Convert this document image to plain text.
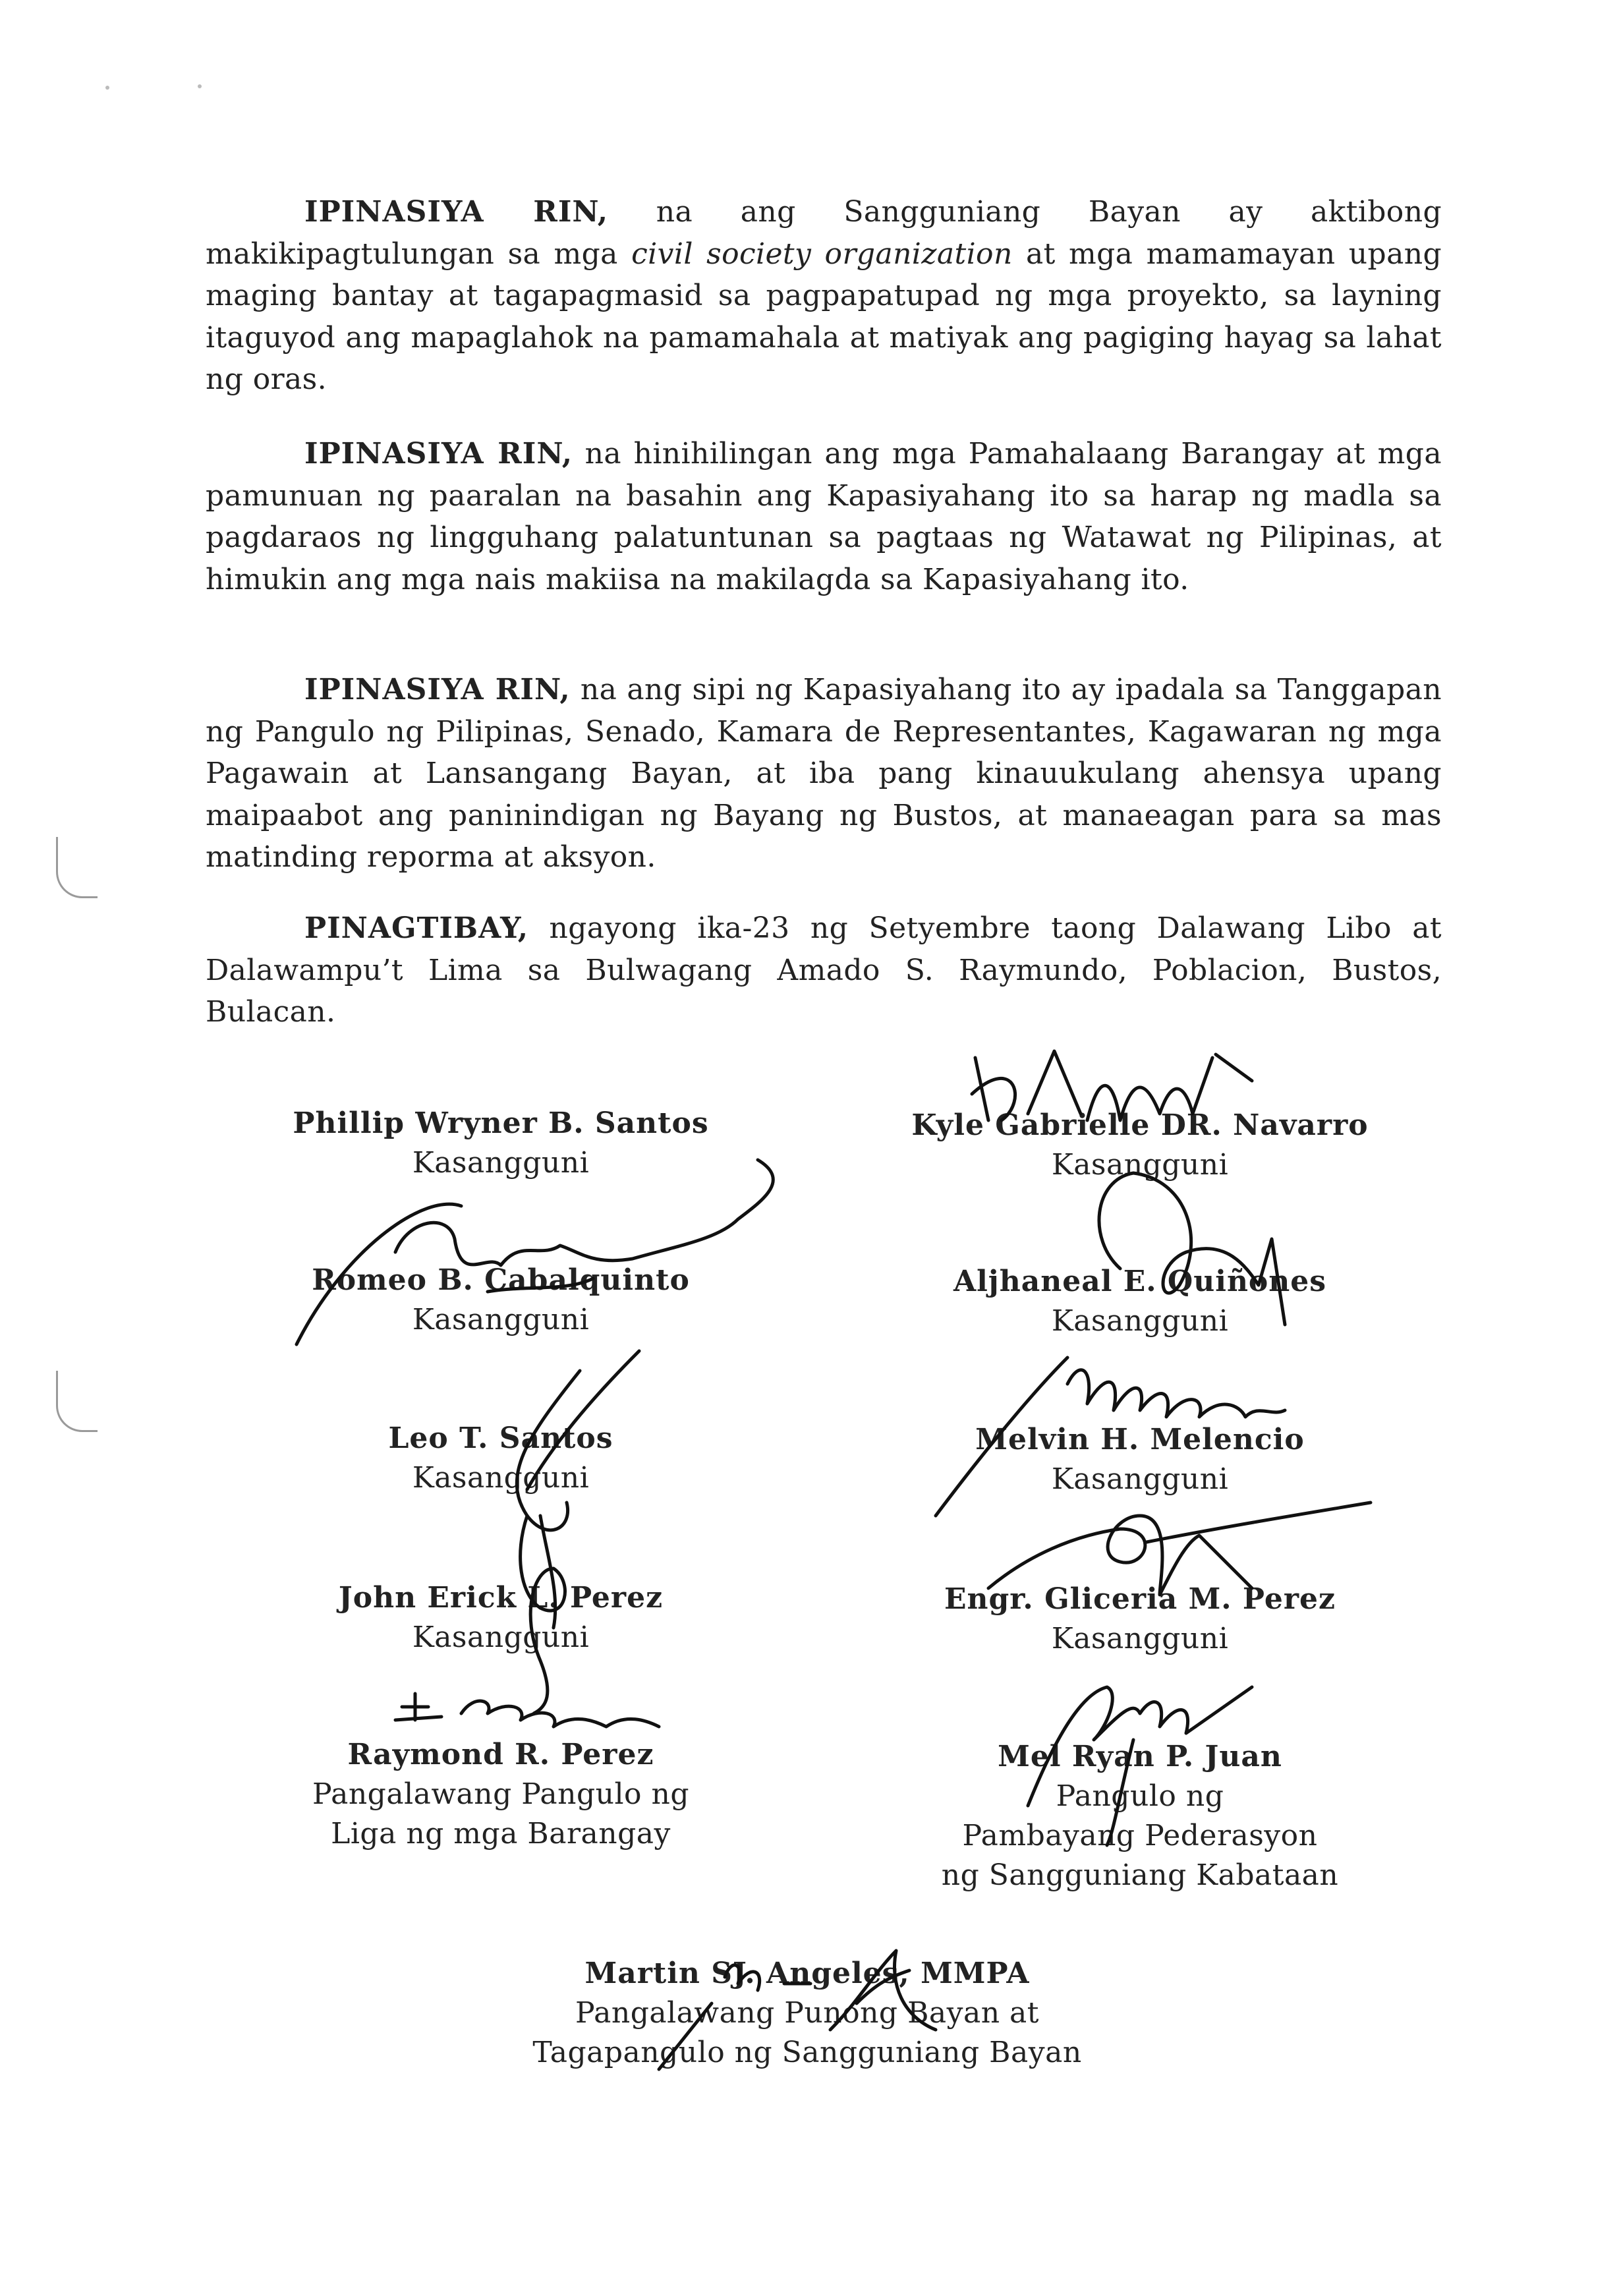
IPINASIYA RIN, na ang Sangguniang Bayan ay aktibong makikipagtulungan sa mga civil society organization at mga mamamayan upang maging bantay at tagapagmasid sa pagpapatupad ng mga proyekto, sa layning itaguyod ang mapaglahok na pamamahala at matiyak ang pagiging hayag sa lahat ng oras.

IPINASIYA RIN, na hinihilingan ang mga Pamahalaang Barangay at mga pamunuan ng paaralan na basahin ang Kapasiyahang ito sa harap ng madla sa pagdaraos ng lingguhang palatuntunan sa pagtaas ng Watawat ng Pilipinas, at himukin ang mga nais makiisa na makilagda sa Kapasiyahang ito.

IPINASIYA RIN, na ang sipi ng Kapasiyahang ito ay ipadala sa Tanggapan ng Pangulo ng Pilipinas, Senado, Kamara de Representantes, Kagawaran ng mga Pagawain at Lansangang Bayan, at iba pang kinauukulang ahensya upang maipaabot ang paninindigan ng Bayang ng Bustos, at manaeagan para sa mas matinding reporma at aksyon.

PINAGTIBAY, ngayong ika-23 ng Setyembre taong Dalawang Libo at Dalawampu’t Lima sa Bulwagang Amado S. Raymundo, Poblacion, Bustos, Bulacan.

Phillip Wryner B. Santos
Kasangguni
Romeo B. Cabalquinto
Kasangguni
Leo T. Santos
Kasangguni
John Erick L. Perez
Kasangguni
Raymond R. Perez
Pangalawang Pangulo ng
Liga ng mga Barangay
Kyle Gabrielle DR. Navarro
Kasangguni
Aljhaneal E. Quiñones
Kasangguni
Melvin H. Melencio
Kasangguni
Engr. Gliceria M. Perez
Kasangguni
Mel Ryan P. Juan
Pangulo ng
Pambayang Pederasyon
ng Sangguniang Kabataan
Martin SJ. Angeles, MMPA
Pangalawang Punong Bayan at
Tagapangulo ng Sangguniang Bayan
